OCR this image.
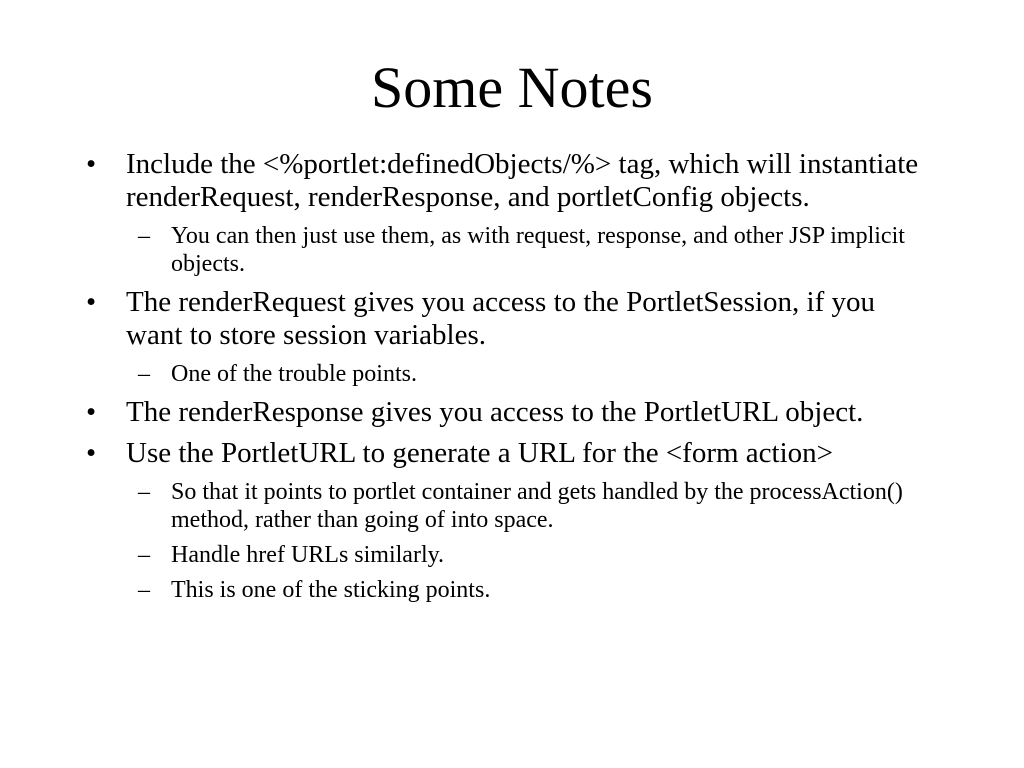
Some Notes
•	Include the <%portlet:definedObjects/%> tag, which will instantiate renderRequest, renderResponse, and portletConfig objects.
– You can then just use them, as with request, response, and other JSP implicit objects.
•	The renderRequest gives you access to the PortletSession, if you want to store session variables.
– One of the trouble points.
•	The renderResponse gives you access to the PortletURL object.
•	Use the PortletURL to generate a URL for the <form action>
– So that it points to portlet container and gets handled by the processAction() method, rather than going of into space.
– Handle href URLs similarly.
– This is one of the sticking points.
